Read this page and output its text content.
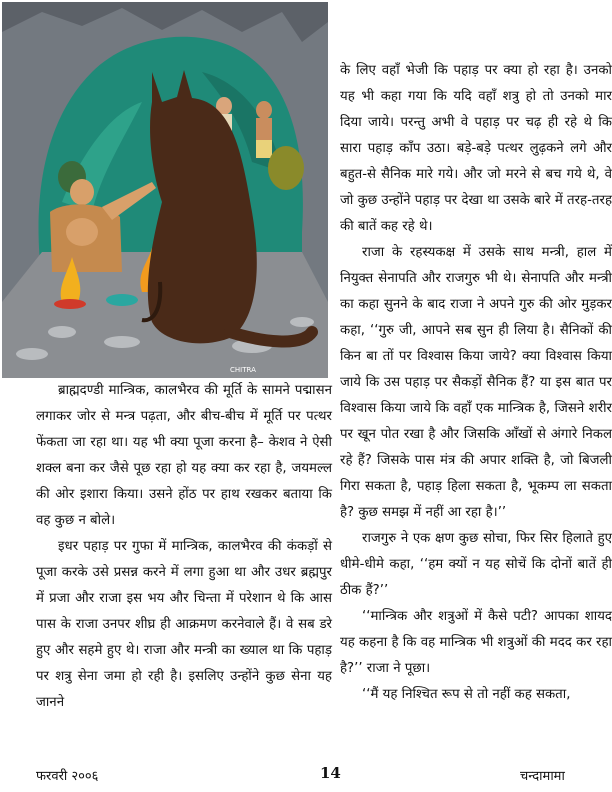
CHITRA

ब्राह्मदण्डी मान्त्रिक, कालभैरव की मूर्ति के सामने पद्मासन लगाकर जोर से मन्त्र पढ़ता, और बीच-बीच में मूर्ति पर पत्थर फेंकता जा रहा था। यह भी क्या पूजा करना है– केशव ने ऐसी शक्ल बना कर जैसे पूछ रहा हो यह क्या कर रहा है, जयमल्ल की ओर इशारा किया। उसने होंठ पर हाथ रखकर बताया कि वह कुछ न बोले।

इधर पहाड़ पर गुफा में मान्त्रिक, कालभैरव की कंकड़ों से पूजा करके उसे प्रसन्न करने में लगा हुआ था और उधर ब्रह्मपुर में प्रजा और राजा इस भय और चिन्ता में परेशान थे कि आस पास के राजा उनपर शीघ्र ही आक्रमण करनेवाले हैं। वे सब डरे हुए और सहमे हुए थे। राजा और मन्त्री का ख्याल था कि पहाड़ पर शत्रु सेना जमा हो रही है। इसलिए उन्होंने कुछ सेना यह जानने

के लिए वहाँ भेजी कि पहाड़ पर क्या हो रहा है। उनको यह भी कहा गया कि यदि वहाँ शत्रु हो तो उनको मार दिया जाये। परन्तु अभी वे पहाड़ पर चढ़ ही रहे थे कि सारा पहाड़ काँप उठा। बड़े-बड़े पत्थर लुढ़कने लगे और बहुत-से सैनिक मारे गये। और जो मरने से बच गये थे, वे जो कुछ उन्होंने पहाड़ पर देखा था उसके बारे में तरह-तरह की बातें कह रहे थे।

राजा के रहस्यकक्ष में उसके साथ मन्त्री, हाल में नियुक्त सेनापति और राजगुरु भी थे। सेनापति और मन्त्री का कहा सुनने के बाद राजा ने अपने गुरु की ओर मुड़कर कहा, ‘‘गुरु जी, आपने सब सुन ही लिया है। सैनिकों की किन बा तों पर विश्वास किया जाये? क्या विश्वास किया जाये कि उस पहाड़ पर सैकड़ों सैनिक हैं? या इस बात पर विश्वास किया जाये कि वहाँ एक मान्त्रिक है, जिसने शरीर पर खून पोत रखा है और जिसकि आँखों से अंगारे निकल रहे हैं? जिसके पास मंत्र की अपार शक्ति है, जो बिजली गिरा सकता है, पहाड़ हिला सकता है, भूकम्प ला सकता है? कुछ समझ में नहीं आ रहा है।’’

राजगुरु ने एक क्षण कुछ सोचा, फिर सिर हिलाते हुए धीमे-धीमे कहा, ‘‘हम क्यों न यह सोचें कि दोनों बातें ही ठीक हैं?’’

‘‘मान्त्रिक और शत्रुओं में कैसे पटी? आपका शायद यह कहना है कि वह मान्त्रिक भी शत्रुओं की मदद कर रहा है?’’ राजा ने पूछा।

‘‘मैं यह निश्चित रूप से तो नहीं कह सकता,

फरवरी २००६	14	चन्दामामा
